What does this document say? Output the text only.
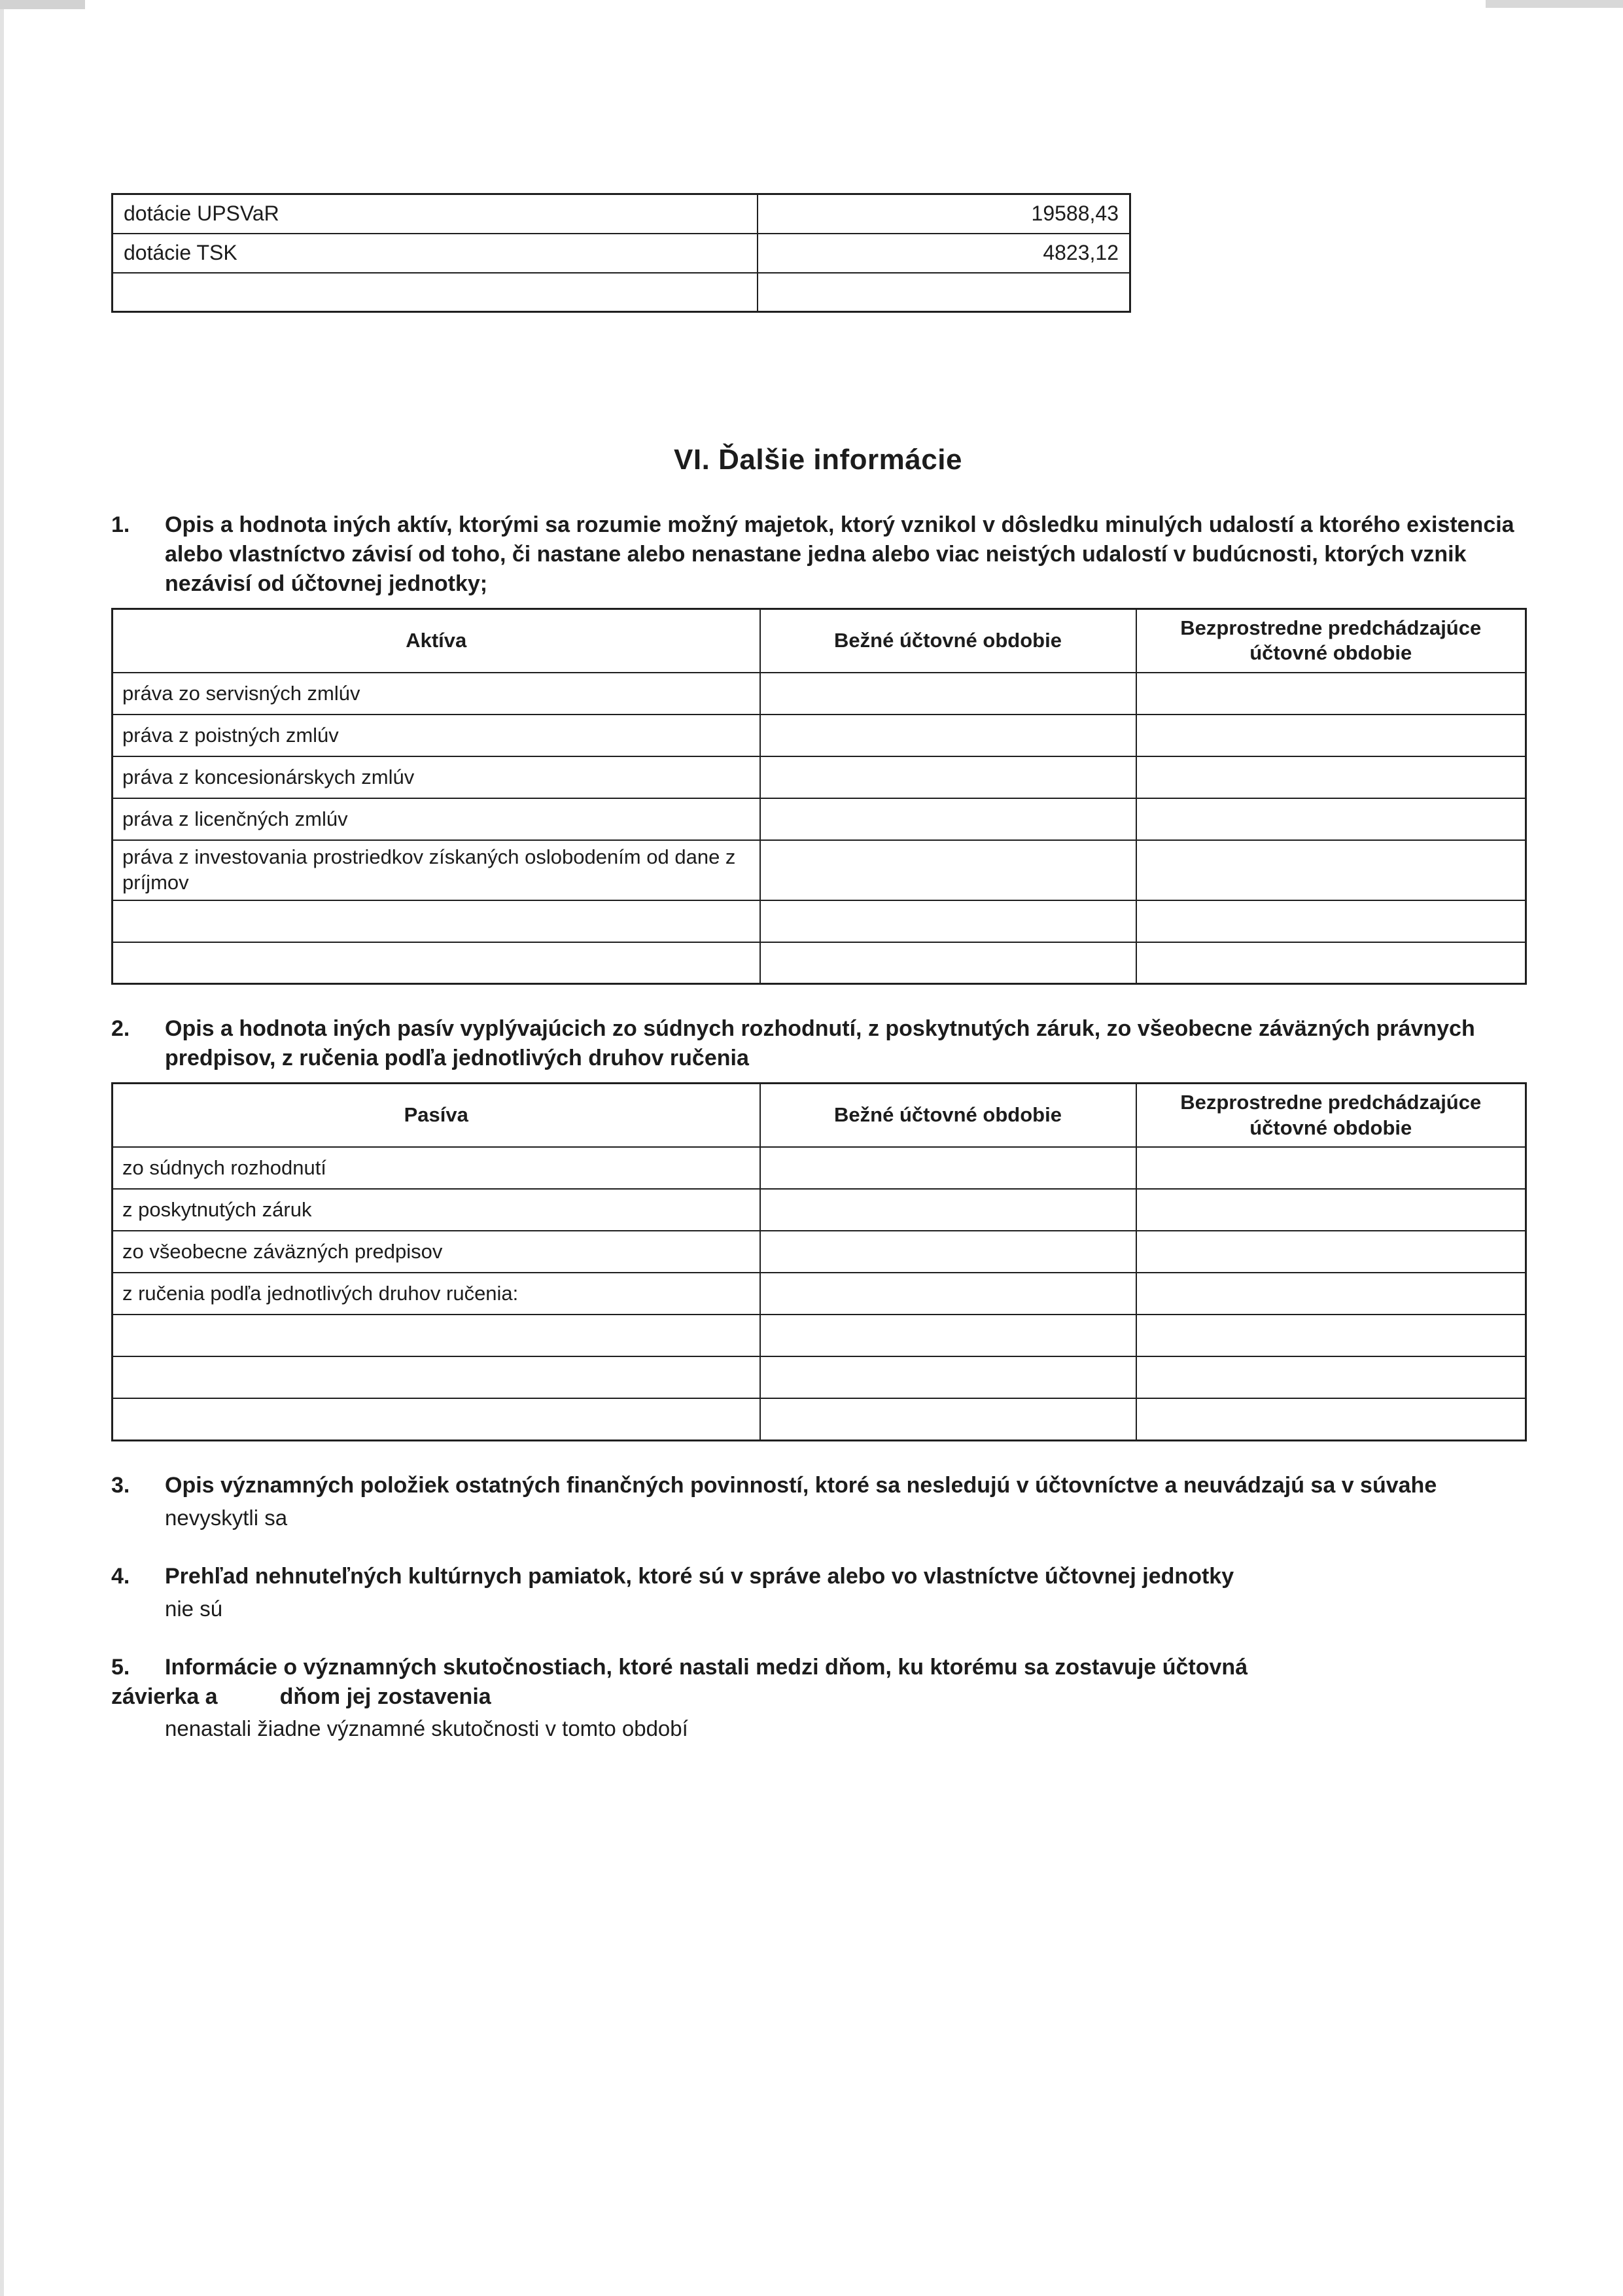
dotácie UPSVaR	19588,43
dotácie TSK	4823,12

VI. Ďalšie informácie
1.	Opis a hodnota iných aktív, ktorými sa rozumie možný majetok, ktorý vznikol v dôsledku minulých udalostí a ktorého existencia alebo vlastníctvo závisí od toho, či nastane alebo nenastane jedna alebo viac neistých udalostí v budúcnosti, ktorých vznik nezávisí od účtovnej jednotky;
Aktíva	Bežné účtovné obdobie	Bezprostredne predchádzajúce účtovné obdobie
práva zo servisných zmlúv		
práva z poistných zmlúv		
práva z koncesionárskych zmlúv		
práva z licenčných zmlúv		
práva z investovania prostriedkov získaných oslobodením od dane z príjmov		

2.	Opis a hodnota iných pasív vyplývajúcich zo súdnych rozhodnutí, z poskytnutých záruk, zo všeobecne záväzných právnych predpisov, z ručenia podľa jednotlivých druhov ručenia
Pasíva	Bežné účtovné obdobie	Bezprostredne predchádzajúce účtovné obdobie
zo súdnych rozhodnutí		
z poskytnutých záruk		
zo všeobecne záväzných predpisov		
z ručenia podľa jednotlivých druhov ručenia:		

3.	Opis významných položiek ostatných finančných povinností, ktoré sa nesledujú v účtovníctve a neuvádzajú sa v súvahe
nevyskytli sa
4.	Prehľad nehnuteľných kultúrnych pamiatok, ktoré sú v správe alebo vo vlastníctve účtovnej jednotky
nie sú
5.	Informácie o významných skutočnostiach, ktoré nastali medzi dňom, ku ktorému sa zostavuje účtovná
závierka a	dňom jej zostavenia
nenastali žiadne významné skutočnosti v tomto období
